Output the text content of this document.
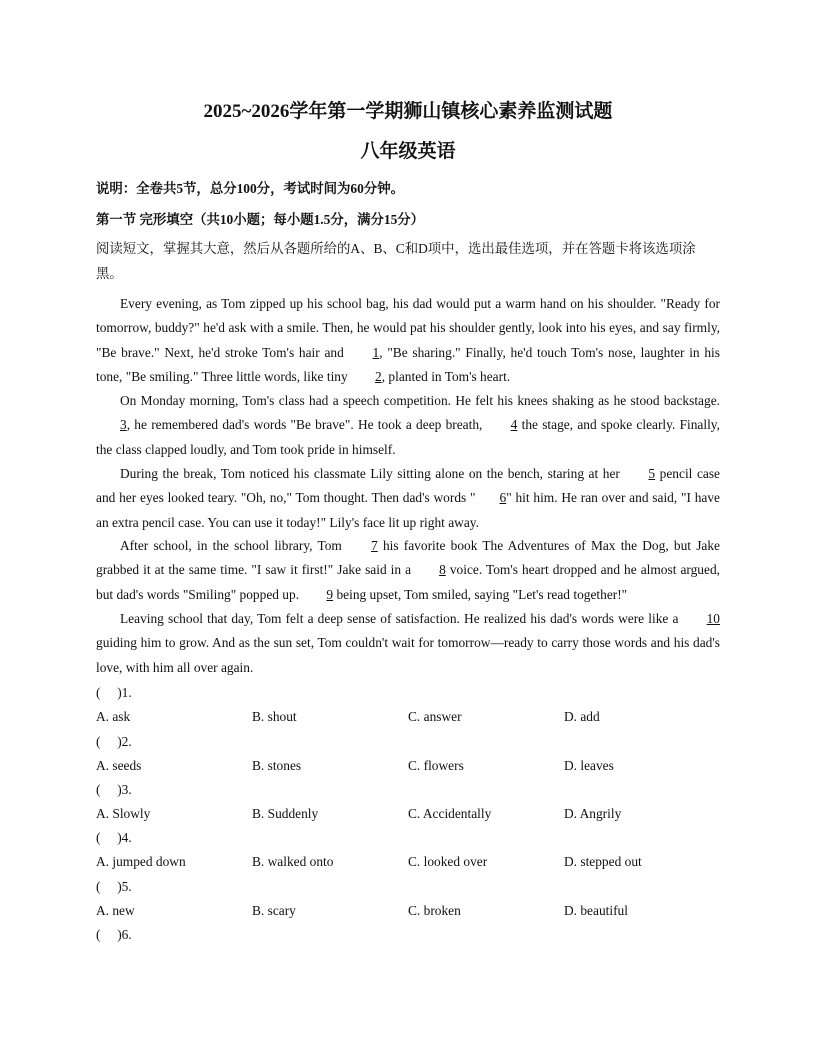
2025~2026学年第一学期狮山镇核心素养监测试题
八年级英语
说明：全卷共5节，总分100分，考试时间为60分钟。
第一节 完形填空（共10小题；每小题1.5分，满分15分）
阅读短文，掌握其大意，然后从各题所给的A、B、C和D项中，选出最佳选项，并在答题卡将该选项涂黑。

Every evening, as Tom zipped up his school bag, his dad would put a warm hand on his shoulder. "Ready for tomorrow, buddy?" he'd ask with a smile. Then, he would pat his shoulder gently, look into his eyes, and say firmly, "Be brave." Next, he'd stroke Tom's hair and 1, "Be sharing." Finally, he'd touch Tom's nose, laughter in his tone, "Be smiling." Three little words, like tiny 2, planted in Tom's heart.

On Monday morning, Tom's class had a speech competition. He felt his knees shaking as he stood backstage. 3, he remembered dad's words "Be brave". He took a deep breath, 4 the stage, and spoke clearly. Finally, the class clapped loudly, and Tom took pride in himself.

During the break, Tom noticed his classmate Lily sitting alone on the bench, staring at her 5 pencil case and her eyes looked teary. "Oh, no," Tom thought. Then dad's words " 6" hit him. He ran over and said, "I have an extra pencil case. You can use it today!" Lily's face lit up right away.

After school, in the school library, Tom 7 his favorite book The Adventures of Max the Dog, but Jake grabbed it at the same time. "I saw it first!" Jake said in a 8 voice. Tom's heart dropped and he almost argued, but dad's words "Smiling" popped up. 9 being upset, Tom smiled, saying "Let's read together!"

Leaving school that day, Tom felt a deep sense of satisfaction. He realized his dad's words were like a 10 guiding him to grow. And as the sun set, Tom couldn't wait for tomorrow—ready to carry those words and his dad's love, with him all over again.

(　 )1.
A. ask	B. shout	C. answer	D. add
(　 )2.
A. seeds	B. stones	C. flowers	D. leaves
(　 )3.
A. Slowly	B. Suddenly	C. Accidentally	D. Angrily
(　 )4.
A. jumped down	B. walked onto	C. looked over	D. stepped out
(　 )5.
A. new	B. scary	C. broken	D. beautiful
(　 )6.
